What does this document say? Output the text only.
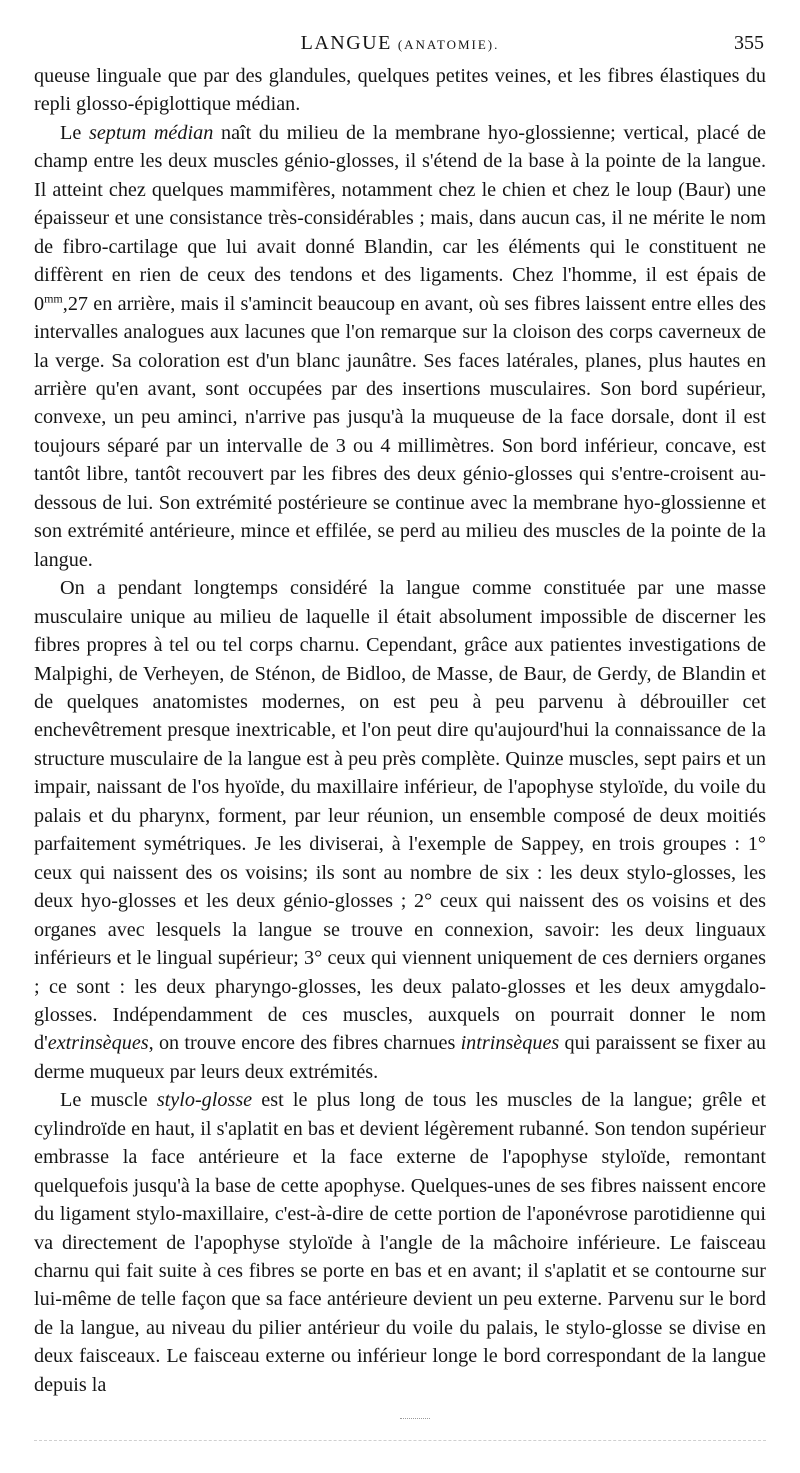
LANGUE (ANATOMIE).	355

queuse linguale que par des glandules, quelques petites veines, et les fibres élastiques du repli glosso-épiglottique médian.

Le septum médian naît du milieu de la membrane hyo-glossienne; vertical, placé de champ entre les deux muscles génio-glosses, il s'étend de la base à la pointe de la langue. Il atteint chez quelques mammifères, notamment chez le chien et chez le loup (Baur) une épaisseur et une consistance très-considérables ; mais, dans aucun cas, il ne mérite le nom de fibro-cartilage que lui avait donné Blandin, car les éléments qui le constituent ne diffèrent en rien de ceux des tendons et des ligaments. Chez l'homme, il est épais de $0^{mm},27$ en arrière, mais il s'amincit beaucoup en avant, où ses fibres laissent entre elles des intervalles analogues aux lacunes que l'on remarque sur la cloison des corps caverneux de la verge. Sa coloration est d'un blanc jaunâtre. Ses faces latérales, planes, plus hautes en arrière qu'en avant, sont occupées par des insertions musculaires. Son bord supérieur, convexe, un peu aminci, n'arrive pas jusqu'à la muqueuse de la face dorsale, dont il est toujours séparé par un intervalle de 3 ou 4 millimètres. Son bord inférieur, concave, est tantôt libre, tantôt recouvert par les fibres des deux génio-glosses qui s'entre-croisent au-dessous de lui. Son extrémité postérieure se continue avec la membrane hyo-glossienne et son extrémité antérieure, mince et effilée, se perd au milieu des muscles de la pointe de la langue.

On a pendant longtemps considéré la langue comme constituée par une masse musculaire unique au milieu de laquelle il était absolument impossible de discerner les fibres propres à tel ou tel corps charnu. Cependant, grâce aux patientes investigations de Malpighi, de Verheyen, de Sténon, de Bidloo, de Masse, de Baur, de Gerdy, de Blandin et de quelques anatomistes modernes, on est peu à peu parvenu à débrouiller cet enchevêtrement presque inextricable, et l'on peut dire qu'aujourd'hui la connaissance de la structure musculaire de la langue est à peu près complète. Quinze muscles, sept pairs et un impair, naissant de l'os hyoïde, du maxillaire inférieur, de l'apophyse styloïde, du voile du palais et du pharynx, forment, par leur réunion, un ensemble composé de deux moitiés parfaitement symétriques. Je les diviserai, à l'exemple de Sappey, en trois groupes : 1° ceux qui naissent des os voisins; ils sont au nombre de six : les deux stylo-glosses, les deux hyo-glosses et les deux génio-glosses ; 2° ceux qui naissent des os voisins et des organes avec lesquels la langue se trouve en connexion, savoir: les deux linguaux inférieurs et le lingual supérieur; 3° ceux qui viennent uniquement de ces derniers organes ; ce sont : les deux pharyngo-glosses, les deux palato-glosses et les deux amygdalo-glosses. Indépendamment de ces muscles, auxquels on pourrait donner le nom d'extrinsèques, on trouve encore des fibres charnues intrinsèques qui paraissent se fixer au derme muqueux par leurs deux extrémités.

Le muscle stylo-glosse est le plus long de tous les muscles de la langue; grêle et cylindroïde en haut, il s'aplatit en bas et devient légèrement rubanné. Son tendon supérieur embrasse la face antérieure et la face externe de l'apophyse styloïde, remontant quelquefois jusqu'à la base de cette apophyse. Quelques-unes de ses fibres naissent encore du ligament stylo-maxillaire, c'est-à-dire de cette portion de l'aponévrose parotidienne qui va directement de l'apophyse styloïde à l'angle de la mâchoire inférieure. Le faisceau charnu qui fait suite à ces fibres se porte en bas et en avant; il s'aplatit et se contourne sur lui-même de telle façon que sa face antérieure devient un peu externe. Parvenu sur le bord de la langue, au niveau du pilier antérieur du voile du palais, le stylo-glosse se divise en deux faisceaux. Le faisceau externe ou inférieur longe le bord correspondant de la langue depuis la
